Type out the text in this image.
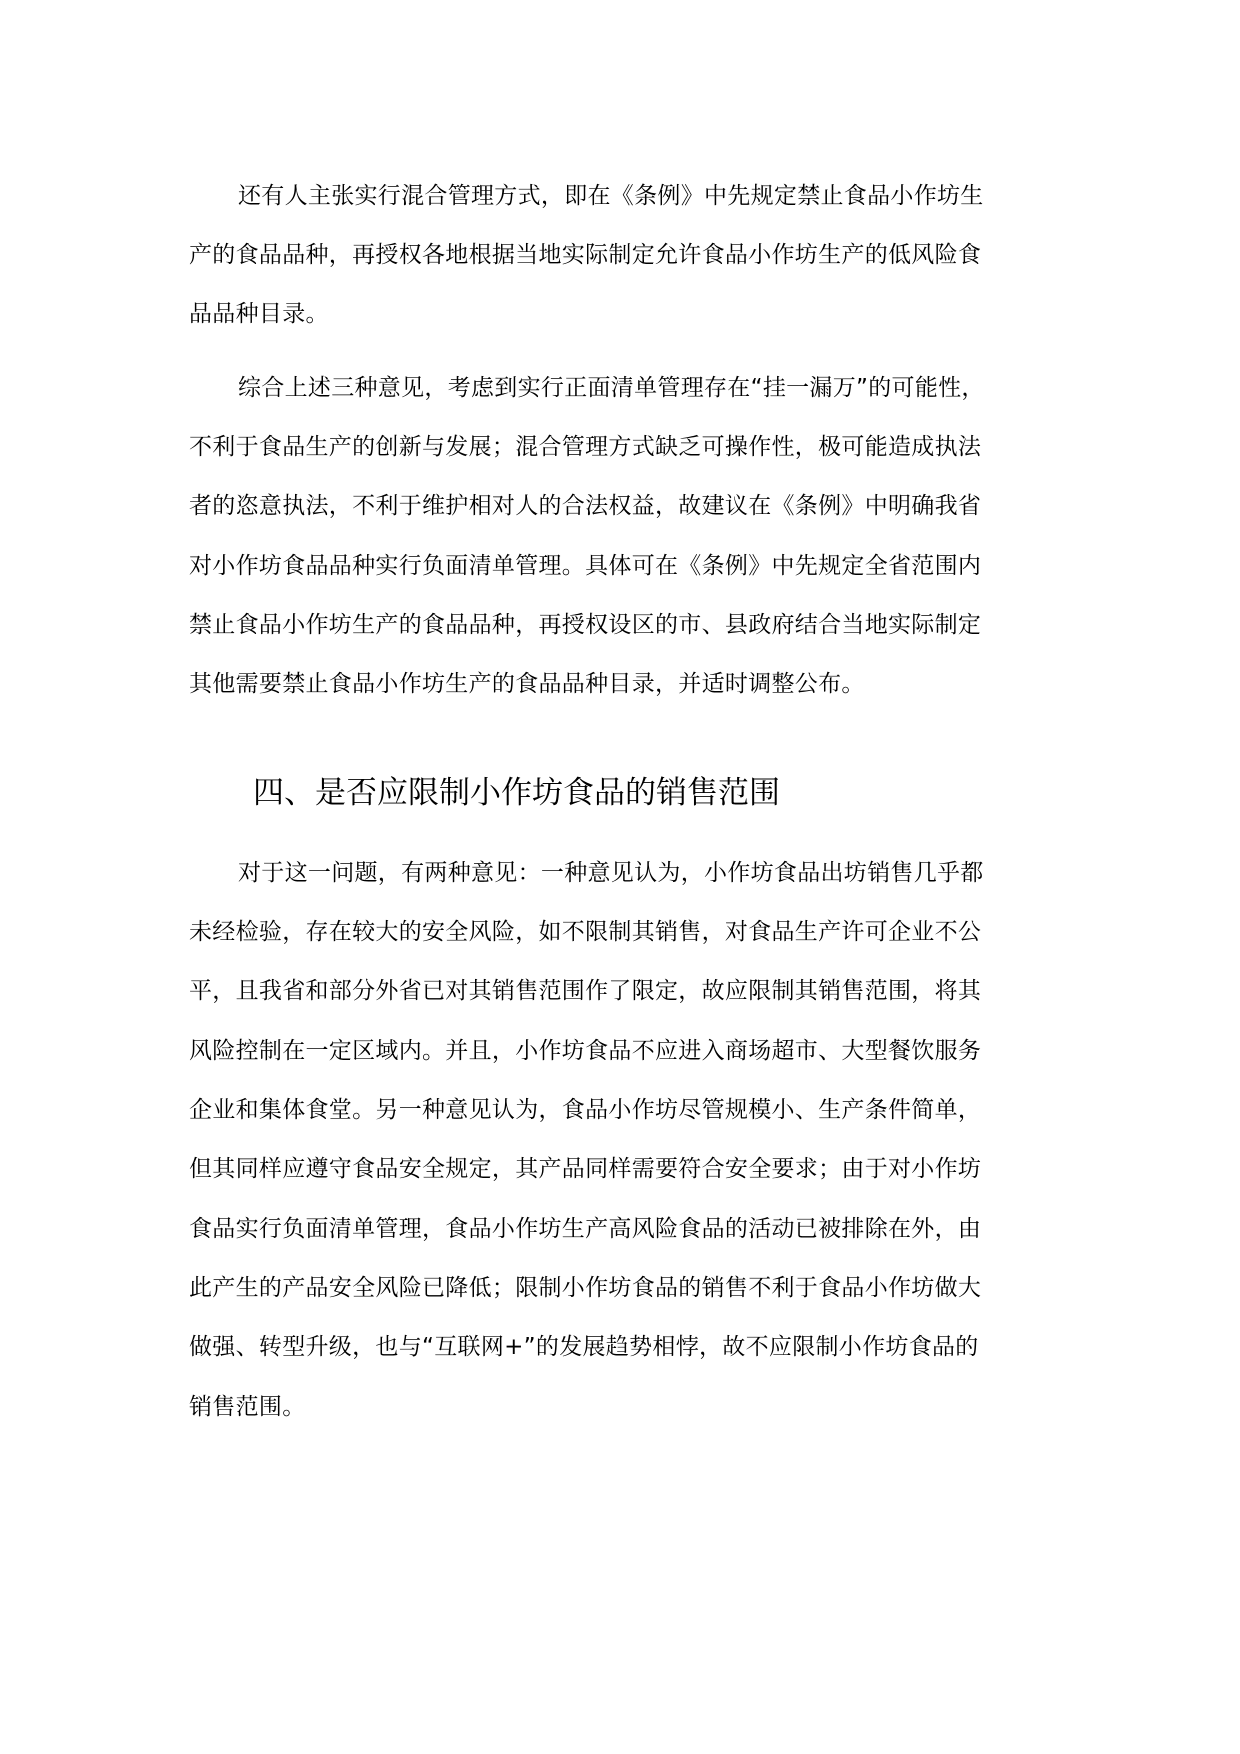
还有人主张实行混合管理方式，即在《条例》中先规定禁止食品小作坊生
产的食品品种，再授权各地根据当地实际制定允许食品小作坊生产的低风险食
品品种目录。
综合上述三种意见，考虑到实行正面清单管理存在“挂一漏万”的可能性，
不利于食品生产的创新与发展；混合管理方式缺乏可操作性，极可能造成执法
者的恣意执法，不利于维护相对人的合法权益，故建议在《条例》中明确我省
对小作坊食品品种实行负面清单管理。具体可在《条例》中先规定全省范围内
禁止食品小作坊生产的食品品种，再授权设区的市、县政府结合当地实际制定
其他需要禁止食品小作坊生产的食品品种目录，并适时调整公布。
四、是否应限制小作坊食品的销售范围
对于这一问题，有两种意见：一种意见认为，小作坊食品出坊销售几乎都
未经检验，存在较大的安全风险，如不限制其销售，对食品生产许可企业不公
平，且我省和部分外省已对其销售范围作了限定，故应限制其销售范围，将其
风险控制在一定区域内。并且，小作坊食品不应进入商场超市、大型餐饮服务
企业和集体食堂。另一种意见认为，食品小作坊尽管规模小、生产条件简单，
但其同样应遵守食品安全规定，其产品同样需要符合安全要求；由于对小作坊
食品实行负面清单管理，食品小作坊生产高风险食品的活动已被排除在外，由
此产生的产品安全风险已降低；限制小作坊食品的销售不利于食品小作坊做大
做强、转型升级，也与“互联网+”的发展趋势相悖，故不应限制小作坊食品的
销售范围。
